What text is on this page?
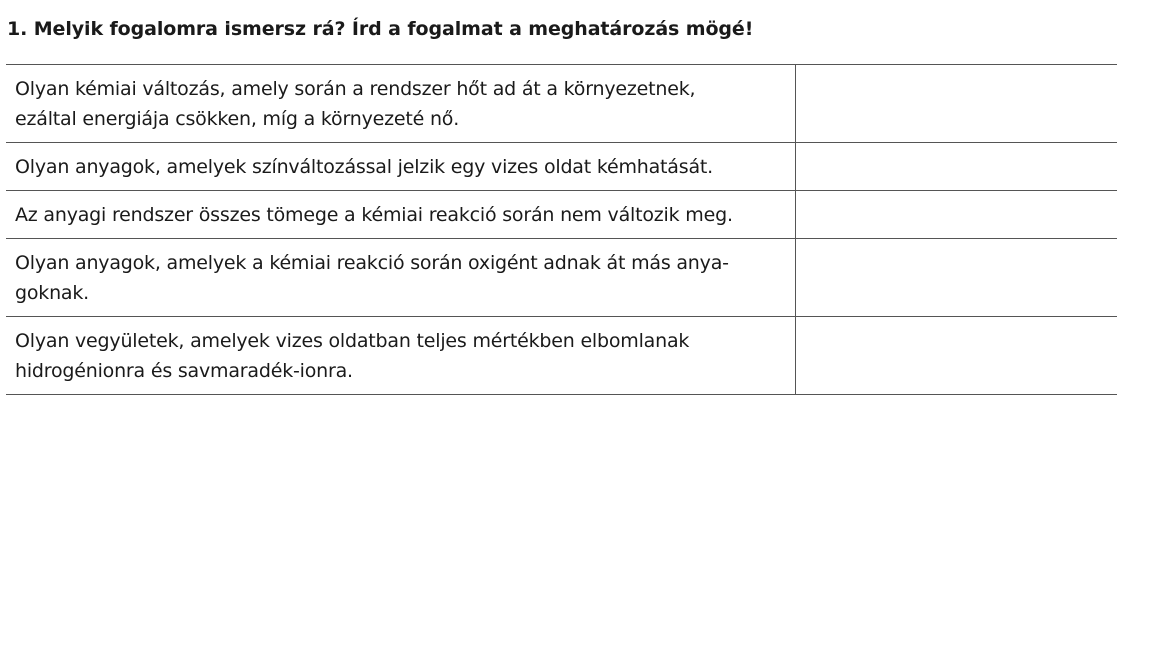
1. Melyik fogalomra ismersz rá? Írd a fogalmat a meghatározás mögé!
Olyan kémiai változás, amely során a rendszer hőt ad át a környezetnek,
ezáltal energiája csökken, míg a környezeté nő.
Olyan anyagok, amelyek színváltozással jelzik egy vizes oldat kémhatását.
Az anyagi rendszer összes tömege a kémiai reakció során nem változik meg.
Olyan anyagok, amelyek a kémiai reakció során oxigént adnak át más anya-
goknak.
Olyan vegyületek, amelyek vizes oldatban teljes mértékben elbomlanak
hidrogénionra és savmaradék-ionra.
